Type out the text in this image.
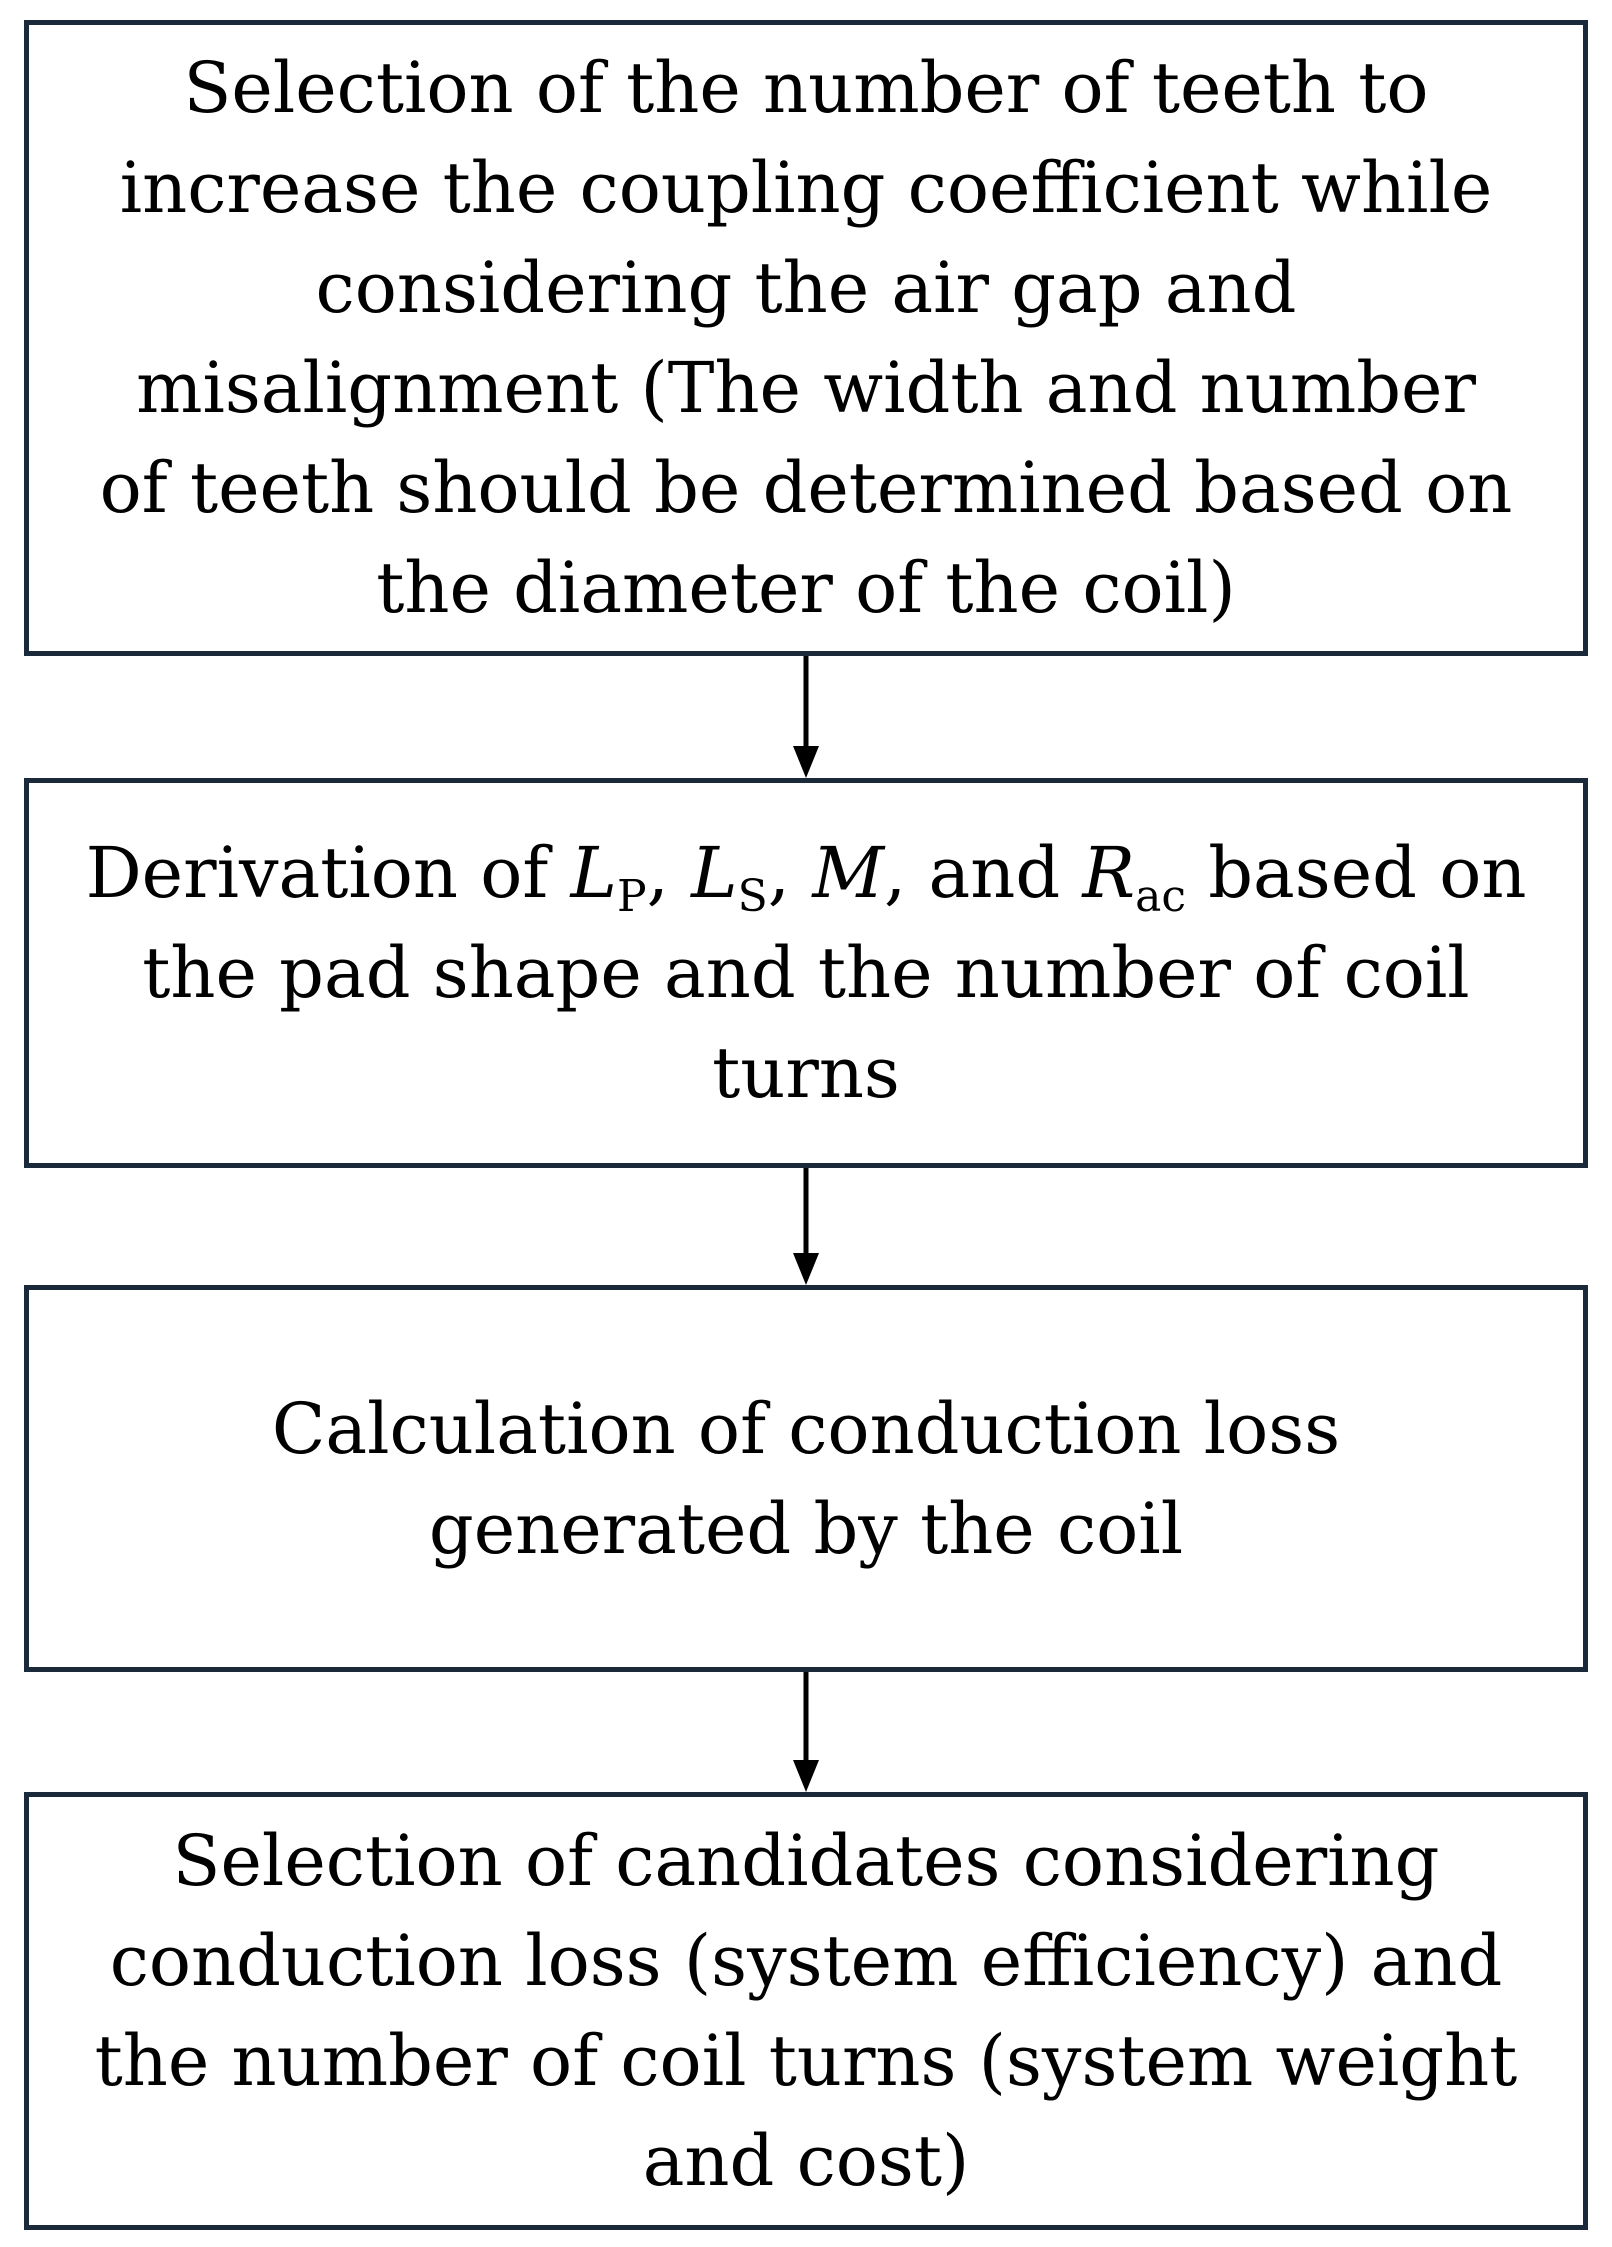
Selection of the number of teeth to
increase the coupling coefficient while
considering the air gap and
misalignment (The width and number
of teeth should be determined based on
the diameter of the coil)
Derivation of $L_P$, $L_S$, M, and $R_{ac}$ based on
the pad shape and the number of coil
turns
Calculation of conduction loss
generated by the coil
Selection of candidates considering
conduction loss (system efficiency) and
the number of coil turns (system weight
and cost)
